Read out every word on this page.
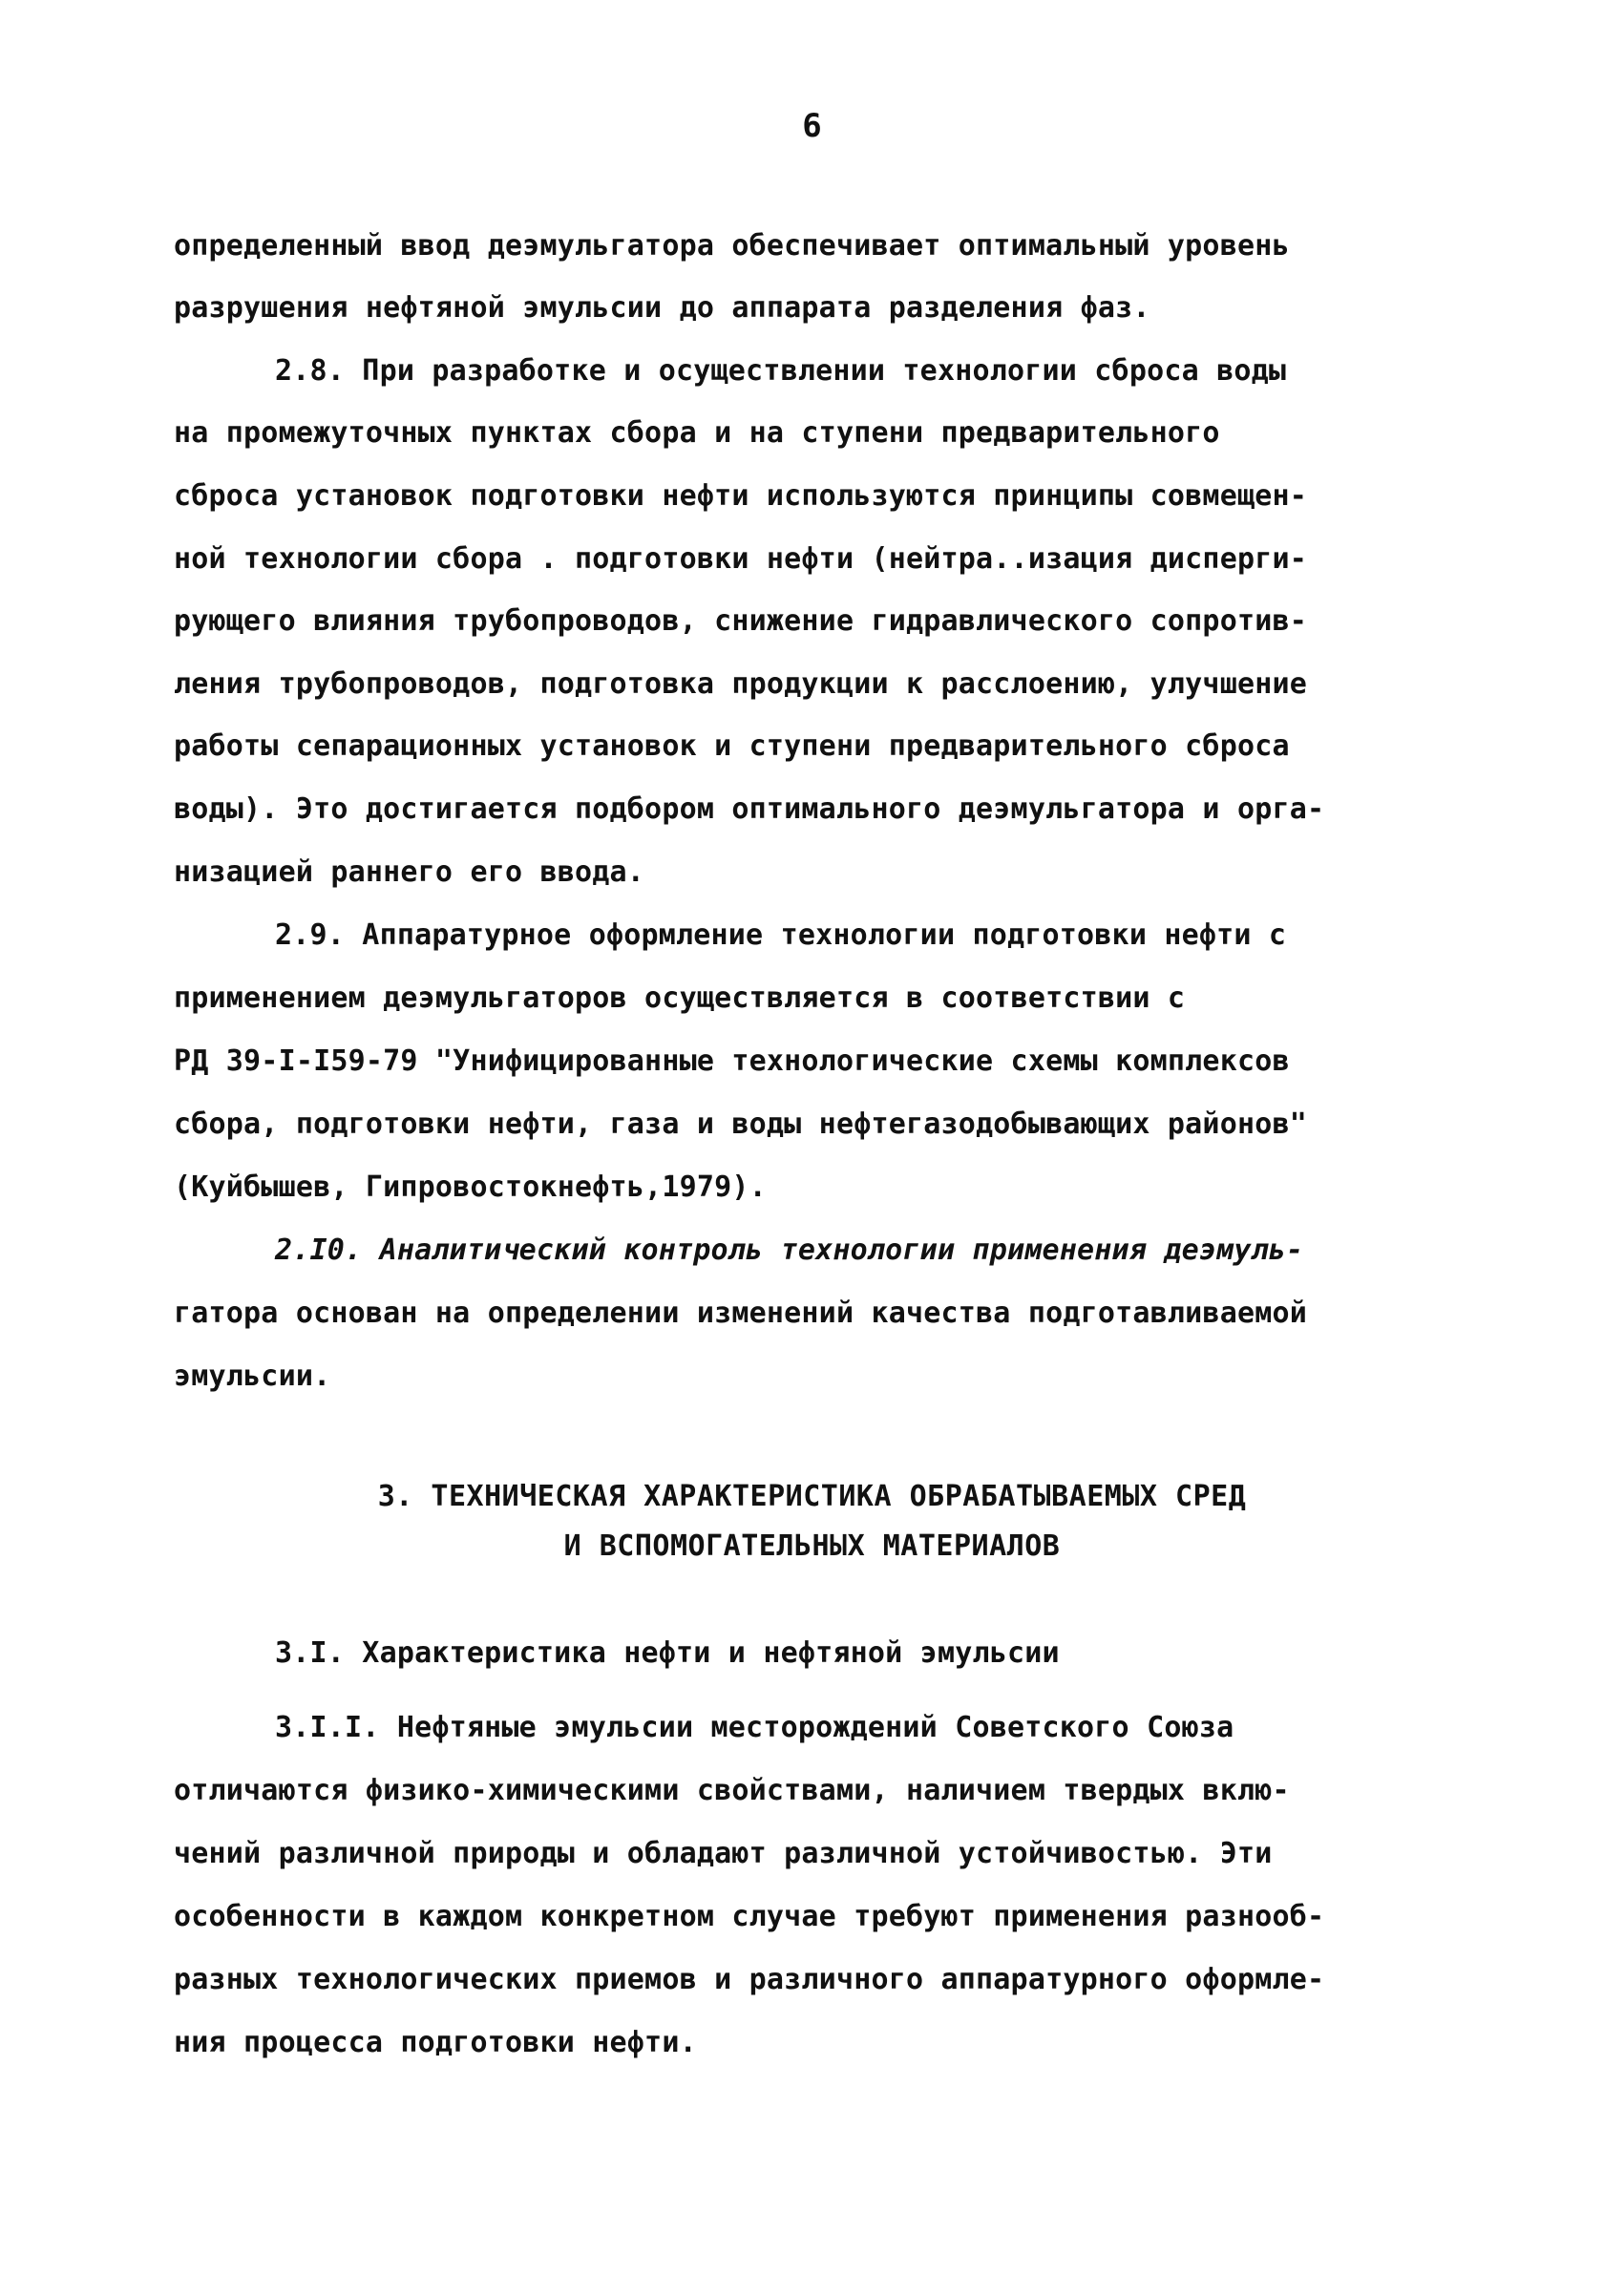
6
определенный ввод деэмульгатора обеспечивает оптимальный уровень
разрушения нефтяной эмульсии до аппарата разделения фаз.
2.8. При разработке и осуществлении технологии сброса воды
на промежуточных пунктах сбора и на ступени предварительного
сброса установок подготовки нефти используются принципы совмещен-
ной технологии сбора . подготовки нефти (нейтра..изация дисперги-
рующего влияния трубопроводов, снижение гидравлического сопротив-
ления трубопроводов, подготовка продукции к расслоению, улучшение
работы сепарационных установок и ступени предварительного сброса
воды). Это достигается подбором оптимального деэмульгатора и орга-
низацией раннего его ввода.
2.9. Аппаратурное оформление технологии подготовки нефти с
применением деэмульгаторов осуществляется в соответствии с
РД 39-I-I59-79 "Унифицированные технологические схемы комплексов
сбора, подготовки нефти, газа и воды нефтегазодобывающих районов"
(Куйбышев, Гипровостокнефть,1979).
2.I0. Аналитический контроль технологии применения деэмуль-
гатора основан на определении изменений качества подготавливаемой
эмульсии.
3. ТЕХНИЧЕСКАЯ ХАРАКТЕРИСТИКА ОБРАБАТЫВАЕМЫХ СРЕД
И ВСПОМОГАТЕЛЬНЫХ МАТЕРИАЛОВ
3.I. Характеристика нефти и нефтяной эмульсии
3.I.I. Нефтяные эмульсии месторождений Советского Союза
отличаются физико-химическими свойствами, наличием твердых вклю-
чений различной природы и обладают различной устойчивостью. Эти
особенности в каждом конкретном случае требуют применения разнооб-
разных технологических приемов и различного аппаратурного оформле-
ния процесса подготовки нефти.
